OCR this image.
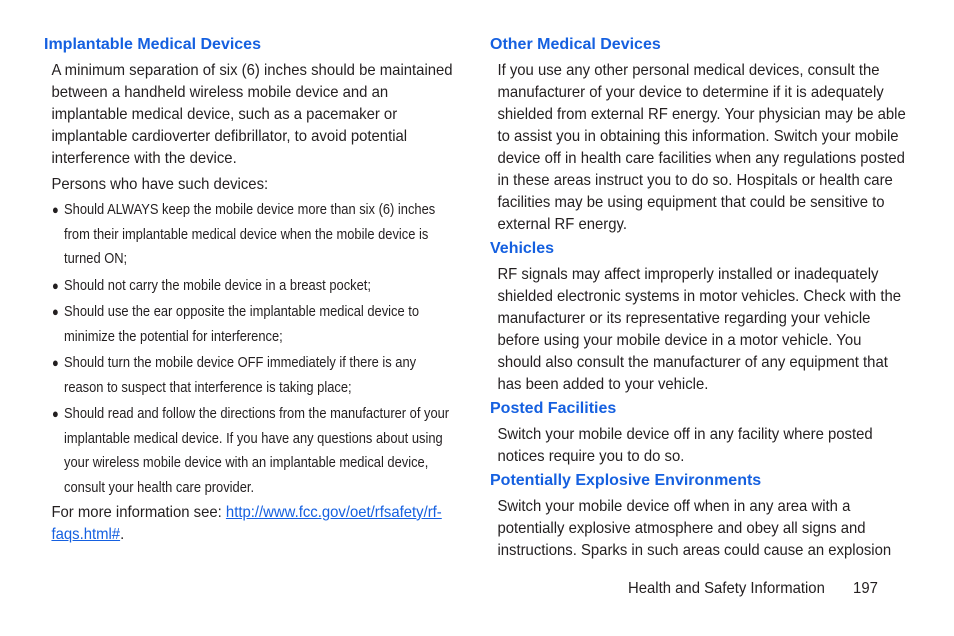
Implantable Medical Devices

A minimum separation of six (6) inches should be maintained between a handheld wireless mobile device and an implantable medical device, such as a pacemaker or implantable cardioverter defibrillator, to avoid potential interference with the device.

Persons who have such devices:

● Should ALWAYS keep the mobile device more than six (6) inches from their implantable medical device when the mobile device is turned ON;
● Should not carry the mobile device in a breast pocket;
● Should use the ear opposite the implantable medical device to minimize the potential for interference;
● Should turn the mobile device OFF immediately if there is any reason to suspect that interference is taking place;
● Should read and follow the directions from the manufacturer of your implantable medical device. If you have any questions about using your wireless mobile device with an implantable medical device, consult your health care provider.

For more information see: http://www.fcc.gov/oet/rfsafety/rf-faqs.html#.

Other Medical Devices

If you use any other personal medical devices, consult the manufacturer of your device to determine if it is adequately shielded from external RF energy. Your physician may be able to assist you in obtaining this information. Switch your mobile device off in health care facilities when any regulations posted in these areas instruct you to do so. Hospitals or health care facilities may be using equipment that could be sensitive to external RF energy.

Vehicles

RF signals may affect improperly installed or inadequately shielded electronic systems in motor vehicles. Check with the manufacturer or its representative regarding your vehicle before using your mobile device in a motor vehicle. You should also consult the manufacturer of any equipment that has been added to your vehicle.

Posted Facilities

Switch your mobile device off in any facility where posted notices require you to do so.

Potentially Explosive Environments

Switch your mobile device off when in any area with a potentially explosive atmosphere and obey all signs and instructions. Sparks in such areas could cause an explosion

Health and Safety Information 197
